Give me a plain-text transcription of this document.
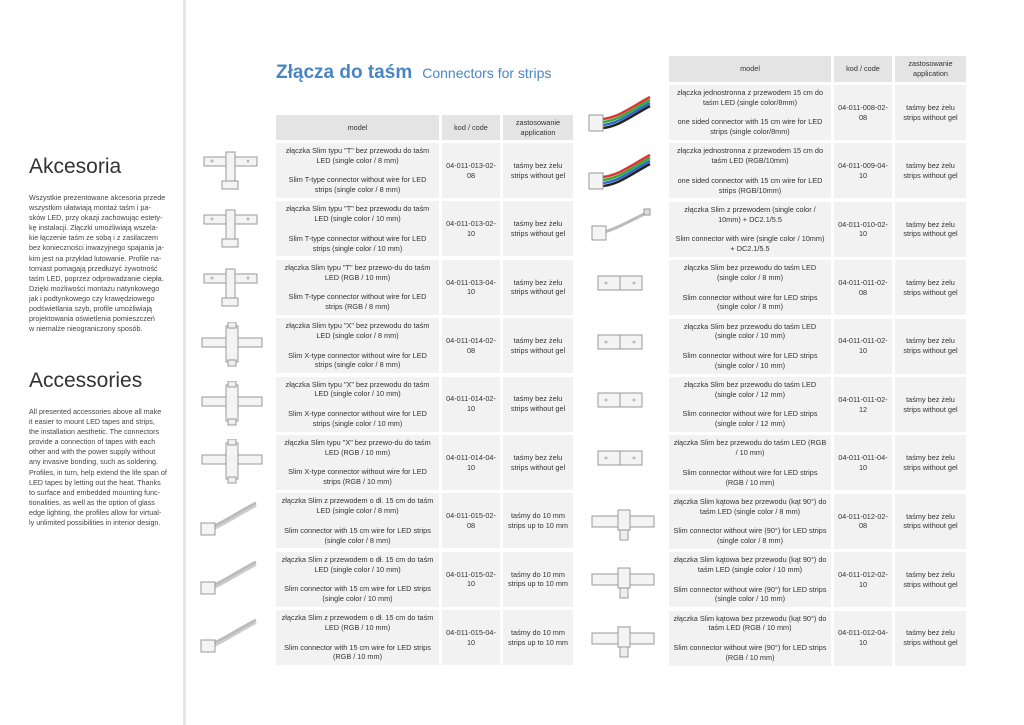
Akcesoria
Wszystkie prezentowane akcesoria przede
wszystkim ułatwiają montaż taśm i pa-
sków LED, przy okazji zachowując estety-
kę instalacji. Złączki umożliwiają wszela-
kie łączenie taśm ze sobą i z zasilaczem
bez konieczności inwazyjnego spajania ja-
kim jest na przykład lutowanie. Profile na-
tomiast pomagają przedłużyć żywotność
taśm LED, poprzez odprowadzanie ciepła.
Dzięki możliwości montażu natynkowego
jak i podtynkowego czy krawędziowego
podświetlania szyb, profile umożliwiają
projektowania oświetlenia pomieszczeń
w niemalże nieograniczony sposób.
Accessories
All presented accessories above all make
it easier to mount LED tapes and strips,
the installation aesthetic. The connectors
provide a connection of tapes with each
other and with the power supply without
any invasive bonding, such as soldering.
Profiles, in turn, help extend the life span of
LED tapes by letting out the heat. Thanks
to surface and embedded mounting func-
tionalities, as well as the option of glass
edge lighting, the profiles allow for virtual-
ly unlimited possibilities in interior design.
Złącza do taśm Connectors for strips
model	kod / code
zastosowanie application
złączka Slim typu "T" bez przewodu do taśm LED (single color / 8 mm)
Slim T-type connector without wire for LED strips (single color / 8 mm)
04-011-013-02-08
taśmy bez żelu strips without gel
złączka Slim typu "T" bez przewodu do taśm LED (single color / 10 mm)
Slim T-type connector without wire for LED strips (single color / 10 mm)
04-011-013-02-10
taśmy bez żelu strips without gel
złączka Slim typu "T" bez przewo-du do taśm LED (RGB / 10 mm)
Slim T-type connector without wire for LED strips (RGB / 8 mm)
04-011-013-04-10
taśmy bez żelu strips without gel
złączka Slim typu "X" bez przewodu do taśm LED (single color / 8 mm)
Slim X-type connector without wire for LED strips (single color / 8 mm)
04-011-014-02-08
taśmy bez żelu strips without gel
złączka Slim typu "X" bez przewodu do taśm LED (single color / 10 mm)
Slim X-type connector without wire for LED strips (single color / 10 mm)
04-011-014-02-10
taśmy bez żelu strips without gel
złączka Slim typu "X" bez przewo-du do taśm LED (RGB / 10 mm)
Slim X-type connector without wire for LED strips (RGB / 10 mm)
04-011-014-04-10
taśmy bez żelu strips without gel
złączka Slim z przewodem o dł. 15 cm do taśm LED (single color / 8 mm)
Slim connector with 15 cm wire for LED strips (single color / 8 mm)
04-011-015-02-08
taśmy do 10 mm strips up to 10 mm
złączka Slim z przewodem o dł. 15 cm do taśm LED (single color / 10 mm)
Slim connector with 15 cm wire for LED strips (single color / 10 mm)
04-011-015-02-10
taśmy do 10 mm strips up to 10 mm
złączka Slim z przewodem o dł. 15 cm do taśm LED (RGB / 10 mm)
Slim connector with 15 cm wire for LED strips (RGB / 10 mm)
04-011-015-04-10
taśmy do 10 mm strips up to 10 mm
model	kod / code
zastosowanie application
złączka jednostronna z przewodem 15 cm do taśm LED (single color/8mm)
one sided connector with 15 cm wire for LED strips (single color/8mm)
04-011-008-02-08
taśmy bez żelu strips without gel
złączka jednostronna z przewodem 15 cm do taśm LED (RGB/10mm)
one sided connector with 15 cm wire for LED strips (RGB/10mm)
04-011-009-04-10
taśmy bez żelu strips without gel
złączka Slim z przewodem (single color / 10mm) + DC2.1/5.5
Slim connector with wire (single color / 10mm) + DC2.1/5.5
04-011-010-02-10
taśmy bez żelu strips without gel
złączka Slim bez przewodu do taśm LED (single color / 8 mm)
Slim connector without wire for LED strips (single color / 8 mm)
04-011-011-02-08
taśmy bez żelu strips without gel
złączka Slim bez przewodu do taśm LED (single color / 10 mm)
Slim connector without wire for LED strips (single color / 10 mm)
04-011-011-02-10
taśmy bez żelu strips without gel
złączka Slim bez przewodu do taśm LED (single color / 12 mm)
Slim connector without wire for LED strips (single color / 12 mm)
04-011-011-02-12
taśmy bez żelu strips without gel
złączka Slim bez przewodu do taśm LED (RGB / 10 mm)
Slim connector without wire for LED strips (RGB / 10 mm)
04-011-011-04-10
taśmy bez żelu strips without gel
złączka Slim kątowa bez przewodu (kąt 90°) do taśm LED (single color / 8 mm)
Slim connector without wire (90°) for LED strips (single color / 8 mm)
04-011-012-02-08
taśmy bez żelu strips without gel
złączka Slim kątowa bez przewodu (kąt 90°) do taśm LED (single color / 10 mm)
Slim connector without wire (90°) for LED strips (single color / 10 mm)
04-011-012-02-10
taśmy bez żelu strips without gel
złączka Slim kątowa bez przewodu (kąt 90°) do taśm LED (RGB / 10 mm)
Slim connector without wire (90°) for LED strips (RGB / 10 mm)
04-011-012-04-10
taśmy bez żelu strips without gel
